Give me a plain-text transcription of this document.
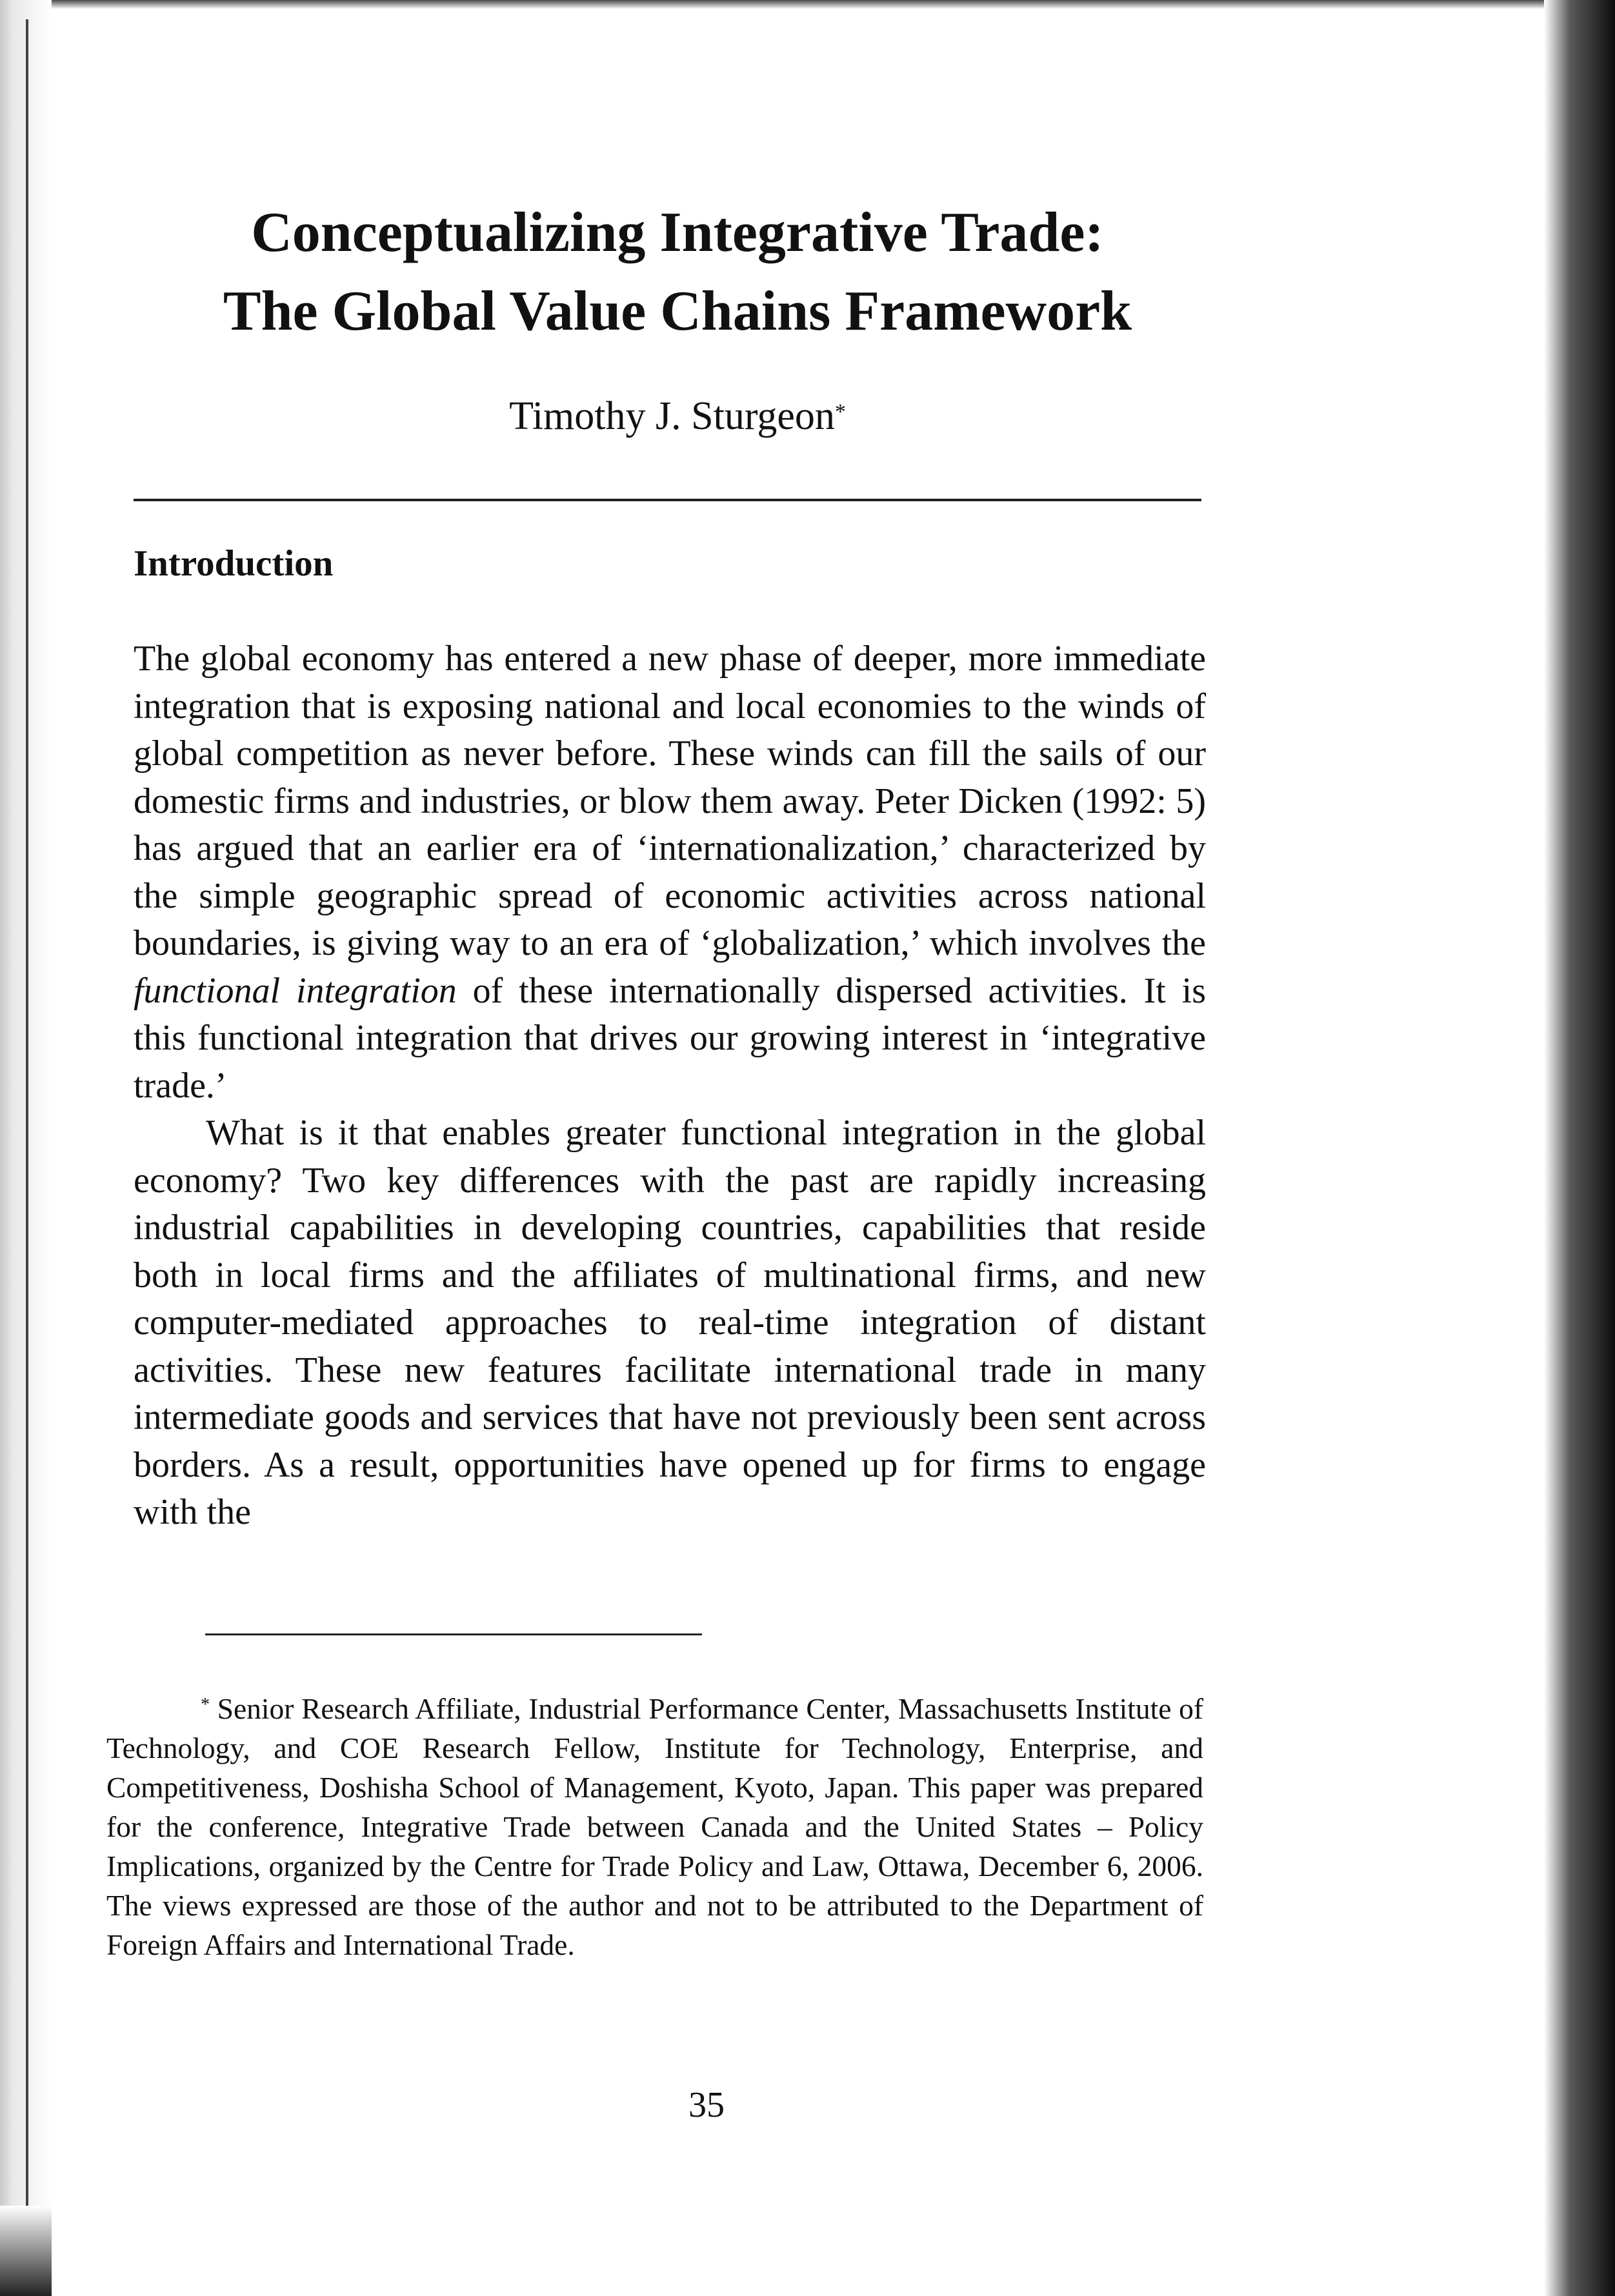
Conceptualizing Integrative Trade:
The Global Value Chains Framework
Timothy J. Sturgeon*
Introduction

The global economy has entered a new phase of deeper, more immediate integration that is exposing national and local economies to the winds of global competition as never before. These winds can fill the sails of our domestic firms and industries, or blow them away. Peter Dicken (1992: 5) has argued that an earlier era of ‘internationalization,’ characterized by the simple geographic spread of economic activities across national boundaries, is giving way to an era of ‘globalization,’ which involves the functional integration of these internationally dispersed activities. It is this functional integration that drives our growing interest in ‘integrative trade.’

What is it that enables greater functional integration in the global economy? Two key differences with the past are rapidly increasing industrial capabilities in developing countries, capabilities that reside both in local firms and the affiliates of multinational firms, and new computer-mediated approaches to real-time integration of distant activities. These new features facilitate international trade in many intermediate goods and services that have not previously been sent across borders. As a result, opportunities have opened up for firms to engage with the

* Senior Research Affiliate, Industrial Performance Center, Massachusetts Institute of Technology, and COE Research Fellow, Institute for Technology, Enterprise, and Competitiveness, Doshisha School of Management, Kyoto, Japan. This paper was prepared for the conference, Integrative Trade between Canada and the United States – Policy Implications, organized by the Centre for Trade Policy and Law, Ottawa, December 6, 2006. The views expressed are those of the author and not to be attributed to the Department of Foreign Affairs and International Trade.

35
